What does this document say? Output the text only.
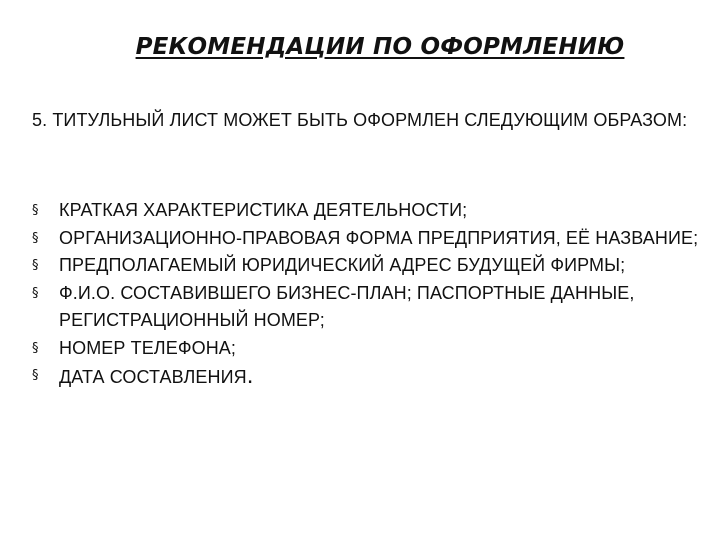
РЕКОМЕНДАЦИИ ПО ОФОРМЛЕНИЮ

5. ТИТУЛЬНЫЙ ЛИСТ МОЖЕТ БЫТЬ ОФОРМЛЕН СЛЕДУЮЩИМ ОБРАЗОМ:

§	КРАТКАЯ ХАРАКТЕРИСТИКА ДЕЯТЕЛЬНОСТИ;
§	ОРГАНИЗАЦИОННО-ПРАВОВАЯ ФОРМА ПРЕДПРИЯТИЯ, ЕЁ НАЗВАНИЕ;
§	ПРЕДПОЛАГАЕМЫЙ ЮРИДИЧЕСКИЙ АДРЕС БУДУЩЕЙ ФИРМЫ;
§	Ф.И.О. СОСТАВИВШЕГО БИЗНЕС-ПЛАН; ПАСПОРТНЫЕ ДАННЫЕ, РЕГИСТРАЦИОННЫЙ НОМЕР;
§	НОМЕР ТЕЛЕФОНА;
§	ДАТА СОСТАВЛЕНИЯ.
